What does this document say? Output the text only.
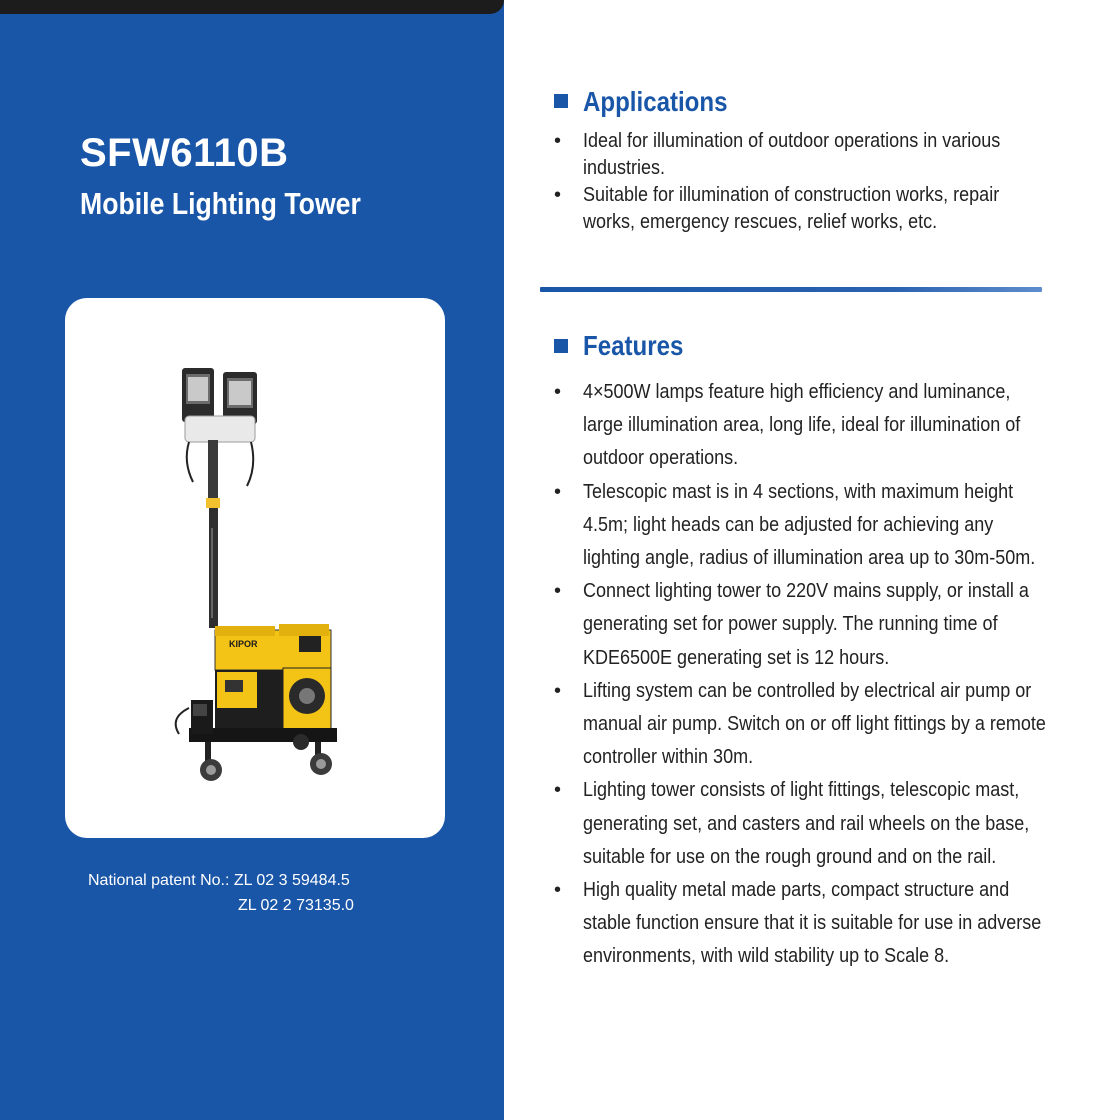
SFW6110B
Mobile Lighting Tower
KIPOR
National patent No.: ZL 02 3 59484.5
ZL 02 2 73135.0
Applications
• Ideal for illumination of outdoor operations in various industries.
• Suitable for illumination of construction works, repair works, emergency rescues, relief works, etc.
Features
• 4×500W lamps feature high efficiency and luminance, large illumination area, long life, ideal for illumination of outdoor operations.
• Telescopic mast is in 4 sections, with maximum height 4.5m; light heads can be adjusted for achieving any lighting angle, radius of illumination area up to 30m-50m.
• Connect lighting tower to 220V mains supply, or install a generating set for power supply. The running time of KDE6500E generating set is 12 hours.
• Lifting system can be controlled by electrical air pump or manual air pump. Switch on or off light fittings by a remote controller within 30m.
• Lighting tower consists of light fittings, telescopic mast, generating set, and casters and rail wheels on the base, suitable for use on the rough ground and on the rail.
• High quality metal made parts, compact structure and stable function ensure that it is suitable for use in adverse environments, with wild stability up to Scale 8.
